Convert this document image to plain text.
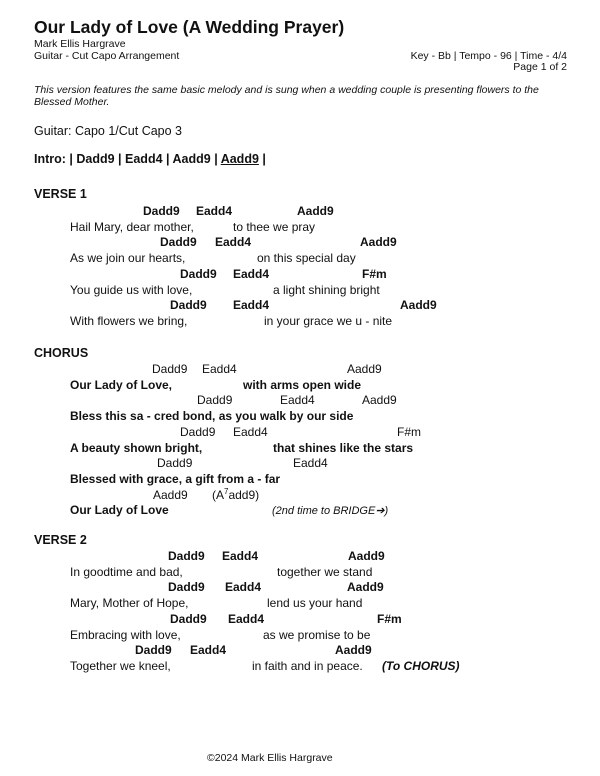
Our Lady of Love (A Wedding Prayer)
Mark Ellis Hargrave
Guitar - Cut Capo Arrangement	Key - Bb | Tempo - 96 | Time - 4/4
Page 1 of 2
This version features the same basic melody and is sung when a wedding couple is presenting flowers to the
Blessed Mother.
Guitar: Capo 1/Cut Capo 3
Intro: | Dadd9 | Eadd4 | Aadd9 | Aadd9 |
VERSE 1
Dadd9 Eadd4	Aadd9
Hail Mary, dear mother,	to thee we pray
Dadd9 Eadd4	Aadd9
As we join our hearts,	on this special day
Dadd9 Eadd4	F#m
You guide us with love,	a light shining bright
Dadd9 Eadd4	Aadd9
With flowers we bring,	in your grace we u - nite
CHORUS
Dadd9 Eadd4	Aadd9
Our Lady of Love,	with arms open wide
Dadd9	Eadd4	Aadd9
Bless this sa - cred bond, as you walk by our side
Dadd9 Eadd4	F#m
A beauty shown bright,	that shines like the stars
Dadd9	Eadd4
Blessed with grace, a gift from a - far
Aadd9 $(A^7add9)$
Our Lady of Love	(2nd time to BRIDGE➔)
VERSE 2
Dadd9 Eadd4	Aadd9
In goodtime and bad,	together we stand
Dadd9 Eadd4	Aadd9
Mary, Mother of Hope,	lend us your hand
Dadd9 Eadd4	F#m
Embracing with love,	as we promise to be
Dadd9 Eadd4	Aadd9
Together we kneel,	in faith and in peace. (To CHORUS)
©2024 Mark Ellis Hargrave
